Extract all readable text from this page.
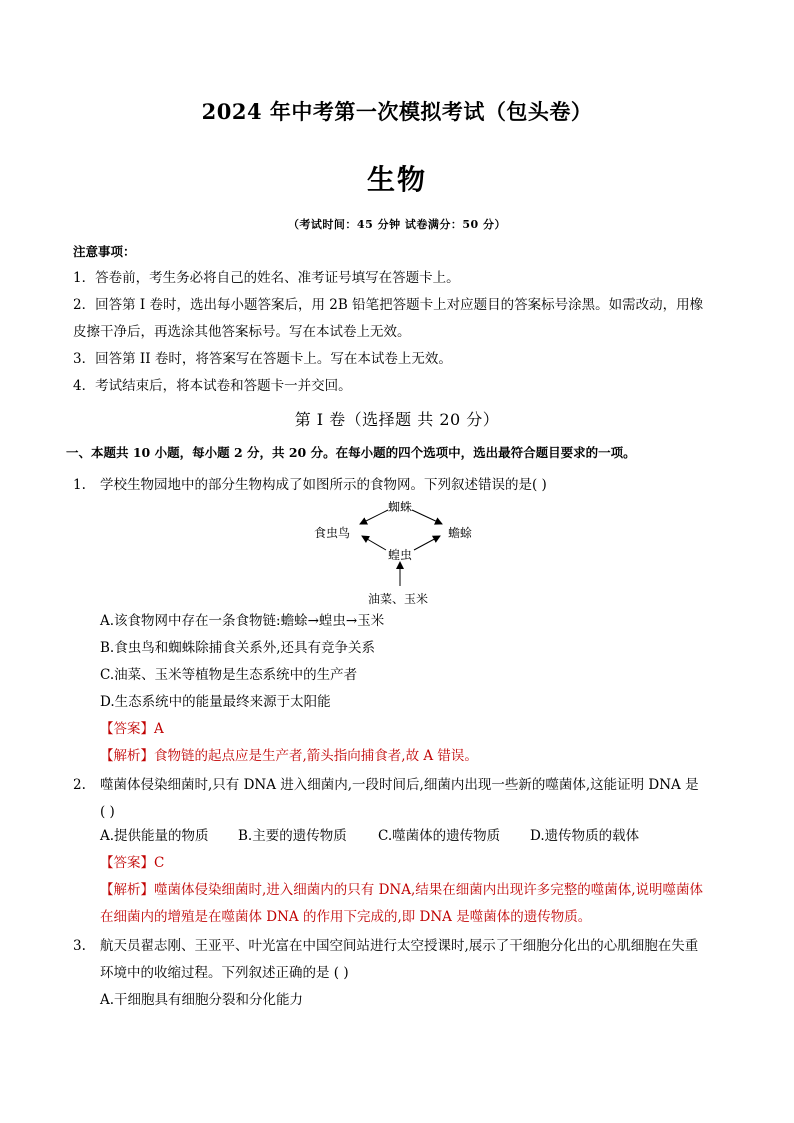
2024 年中考第一次模拟考试（包头卷）
生物
（考试时间：45 分钟 试卷满分：50 分）
注意事项：
1．答卷前，考生务必将自己的姓名、准考证号填写在答题卡上。
2．回答第 I 卷时，选出每小题答案后，用 2B 铅笔把答题卡上对应题目的答案标号涂黑。如需改动，用橡
皮擦干净后，再选涂其他答案标号。写在本试卷上无效。
3．回答第 II 卷时，将答案写在答题卡上。写在本试卷上无效。
4．考试结束后，将本试卷和答题卡一并交回。
第 I 卷（选择题 共 20 分）
一、本题共 10 小题，每小题 2 分，共 20 分。在每小题的四个选项中，选出最符合题目要求的一项。
1. 学校生物园地中的部分生物构成了如图所示的食物网。下列叙述错误的是( )
蜘蛛
食虫鸟	蟾蜍
蝗虫
油菜、玉米
A.该食物网中存在一条食物链:蟾蜍→蝗虫→玉米
B.食虫鸟和蜘蛛除捕食关系外,还具有竞争关系
C.油菜、玉米等植物是生态系统中的生产者
D.生态系统中的能量最终来源于太阳能
【答案】A
【解析】食物链的起点应是生产者,箭头指向捕食者,故 A 错误。
2. 噬菌体侵染细菌时,只有 DNA 进入细菌内,一段时间后,细菌内出现一些新的噬菌体,这能证明 DNA 是
( )
A.提供能量的物质 B.主要的遗传物质 C.噬菌体的遗传物质 D.遗传物质的载体
【答案】C
【解析】噬菌体侵染细菌时,进入细菌内的只有 DNA,结果在细菌内出现许多完整的噬菌体,说明噬菌体
在细菌内的增殖是在噬菌体 DNA 的作用下完成的,即 DNA 是噬菌体的遗传物质。
3. 航天员翟志刚、王亚平、叶光富在中国空间站进行太空授课时,展示了干细胞分化出的心肌细胞在失重
环境中的收缩过程。下列叙述正确的是 ( )
A.干细胞具有细胞分裂和分化能力
